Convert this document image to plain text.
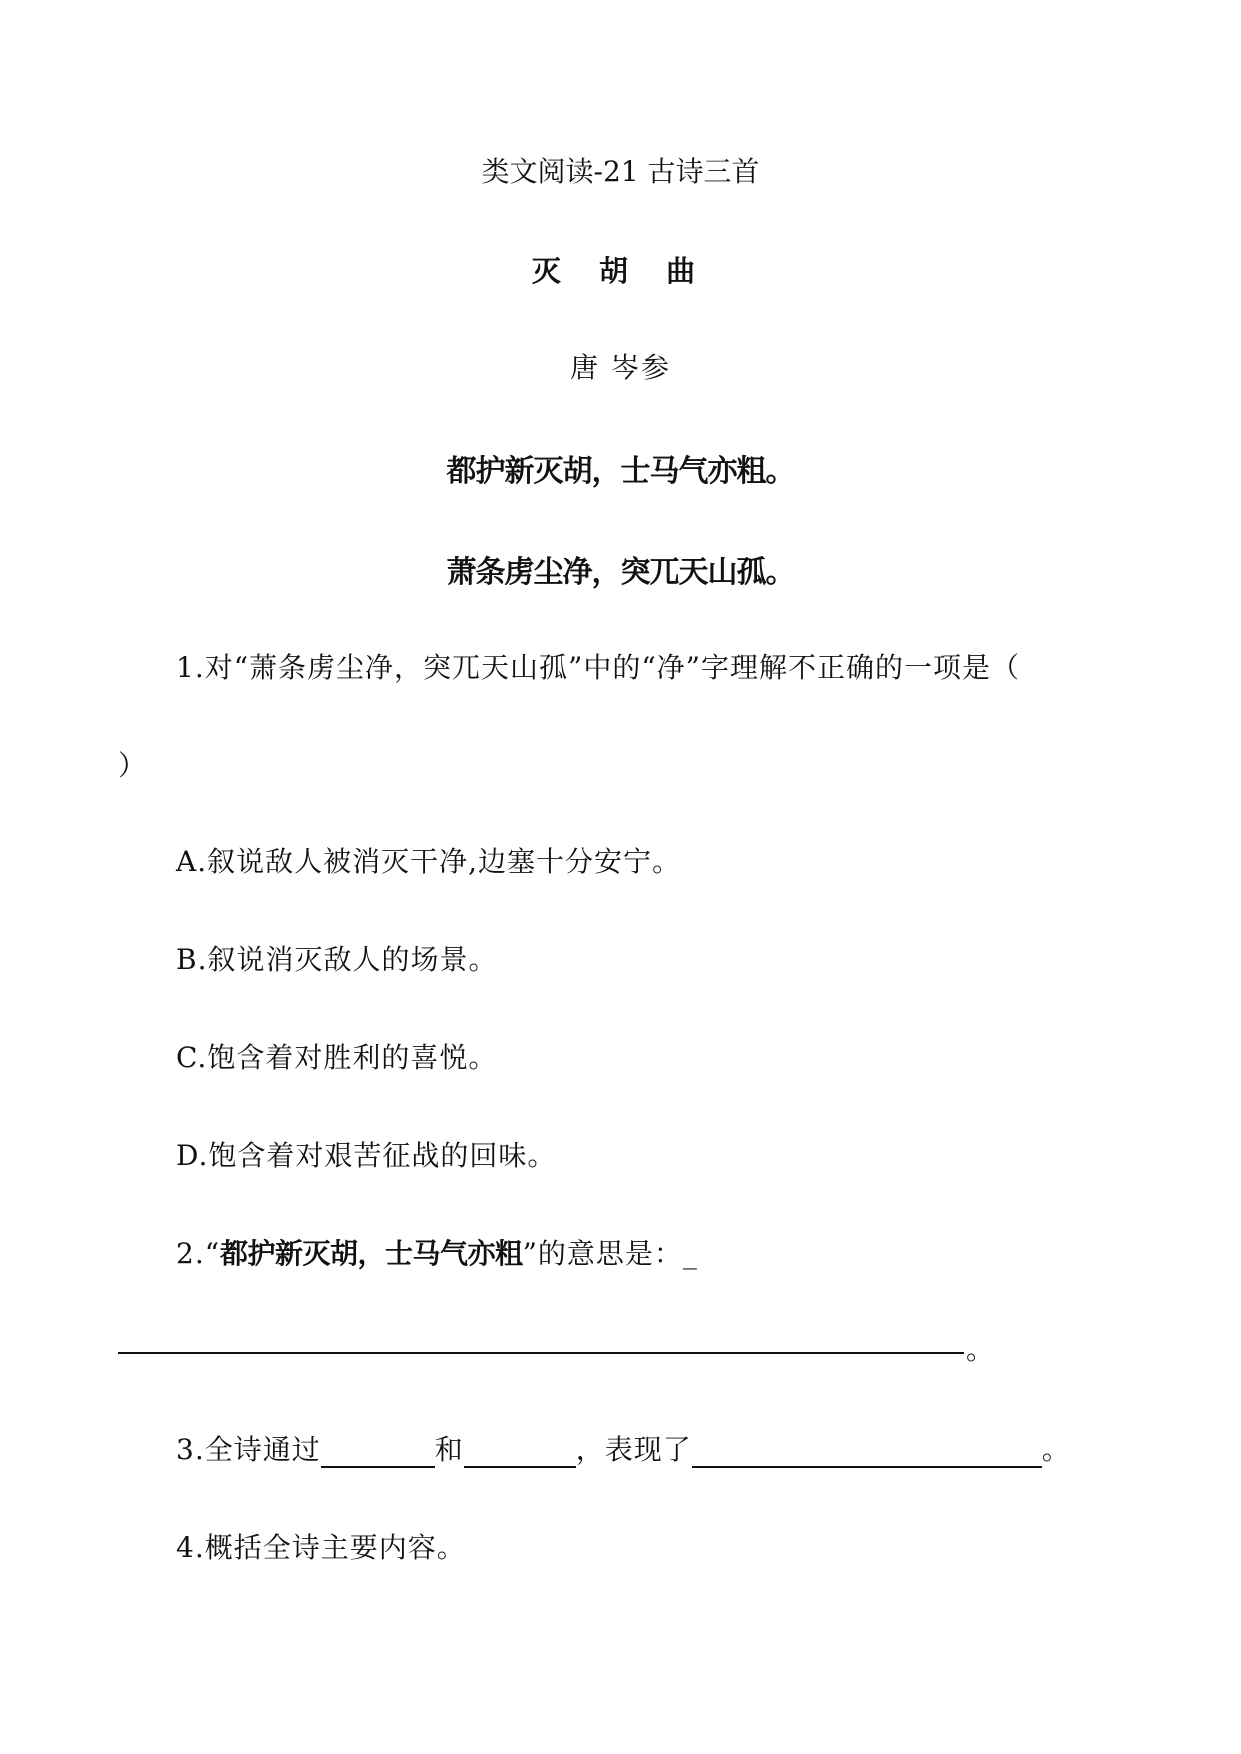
类文阅读-21 古诗三首
灭 胡 曲
唐 岑参
都护新灭胡，士马气亦粗。
萧条虏尘净，突兀天山孤。
1.对“萧条虏尘净，突兀天山孤”中的“净”字理解不正确的一项是（
）
A.叙说敌人被消灭干净,边塞十分安宁。
B.叙说消灭敌人的场景。
C.饱含着对胜利的喜悦。
D.饱含着对艰苦征战的回味。
2.“都护新灭胡，士马气亦粗”的意思是：_
。
3.全诗通过	和	，表现了	。
4.概括全诗主要内容。
